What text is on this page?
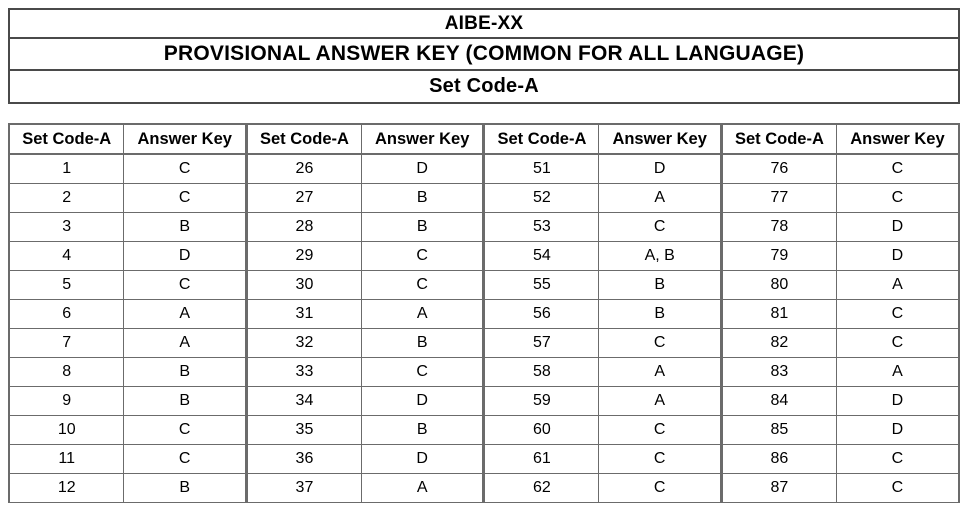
AIBE-XX
PROVISIONAL ANSWER KEY (COMMON FOR ALL LANGUAGE)
Set Code-A
Set Code-A	Answer Key	Set Code-A	Answer Key	Set Code-A	Answer Key	Set Code-A	Answer Key
1	C	26	D	51	D	76	C
2	C	27	B	52	A	77	C
3	B	28	B	53	C	78	D
4	D	29	C	54	A, B	79	D
5	C	30	C	55	B	80	A
6	A	31	A	56	B	81	C
7	A	32	B	57	C	82	C
8	B	33	C	58	A	83	A
9	B	34	D	59	A	84	D
10	C	35	B	60	C	85	D
11	C	36	D	61	C	86	C
12	B	37	A	62	C	87	C
